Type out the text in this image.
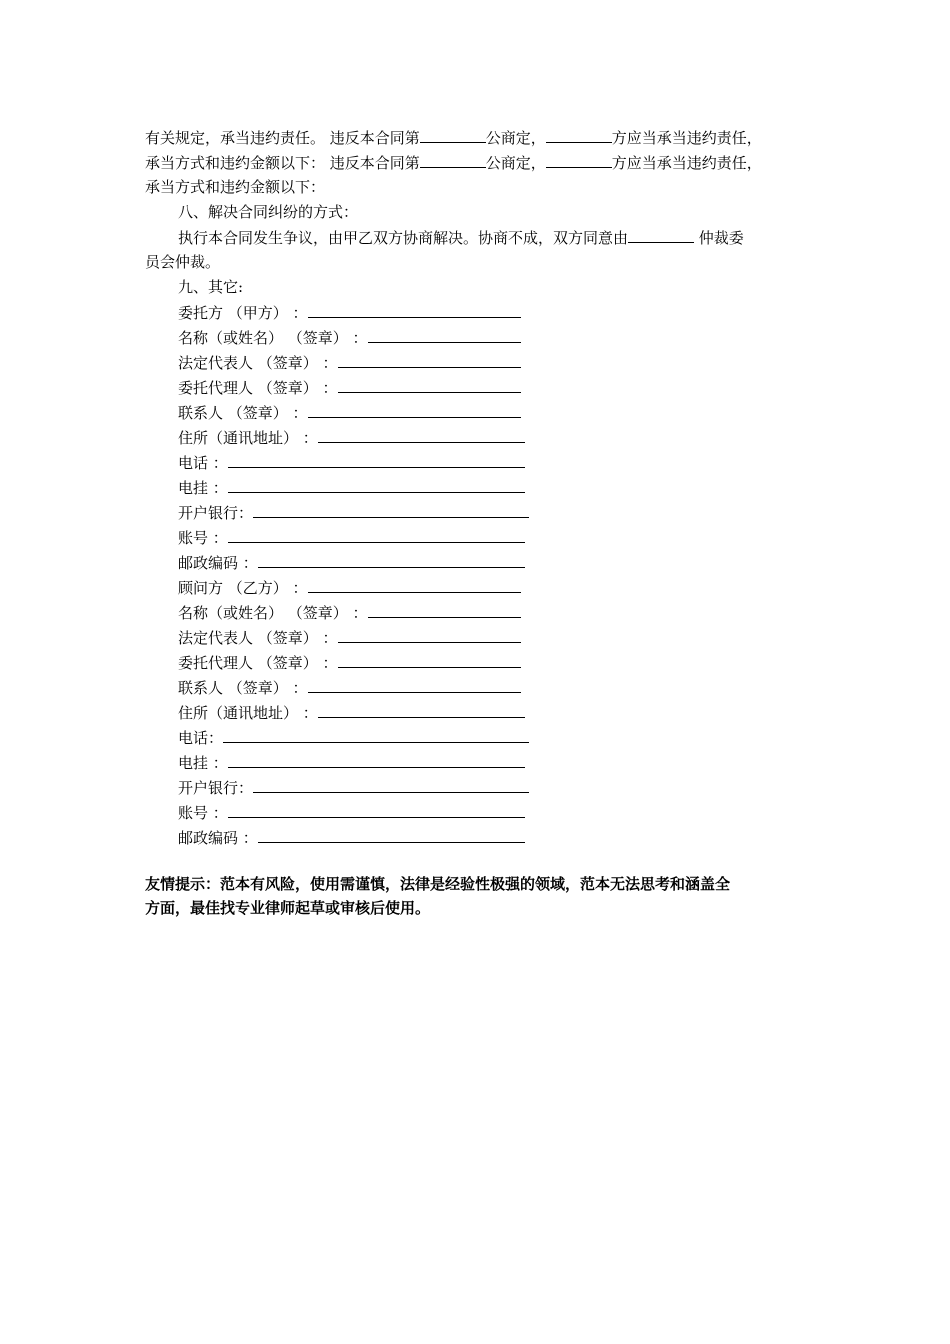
有关规定，承当违约责任。 违反本合同第	公商定，	方应当承当违约责任，
承当方式和违约金额以下： 违反本合同第	公商定，	方应当承当违约责任，
承当方式和违约金额以下：
八、解决合同纠纷的方式：
执行本合同发生争议，由甲乙双方协商解决。协商不成，双方同意由	仲裁委
员会仲裁。
九、其它:
委托方 （甲方） ：
名称（或姓名） （签章） ：
法定代表人 （签章） ：
委托代理人 （签章） ：
联系人 （签章） ：
住所（通讯地址） ：
电话 ：
电挂 ：
开户银行：
账号 ：
邮政编码 ：
顾问方 （乙方） ：
名称（或姓名） （签章） ：
法定代表人 （签章） ：
委托代理人 （签章） ：
联系人 （签章） ：
住所（通讯地址） ：
电话：
电挂 ：
开户银行：
账号 ：
邮政编码 ：
友情提示：范本有风险，使用需谨慎，法律是经验性极强的领域，范本无法思考和涵盖全
方面，最佳找专业律师起草或审核后使用。
